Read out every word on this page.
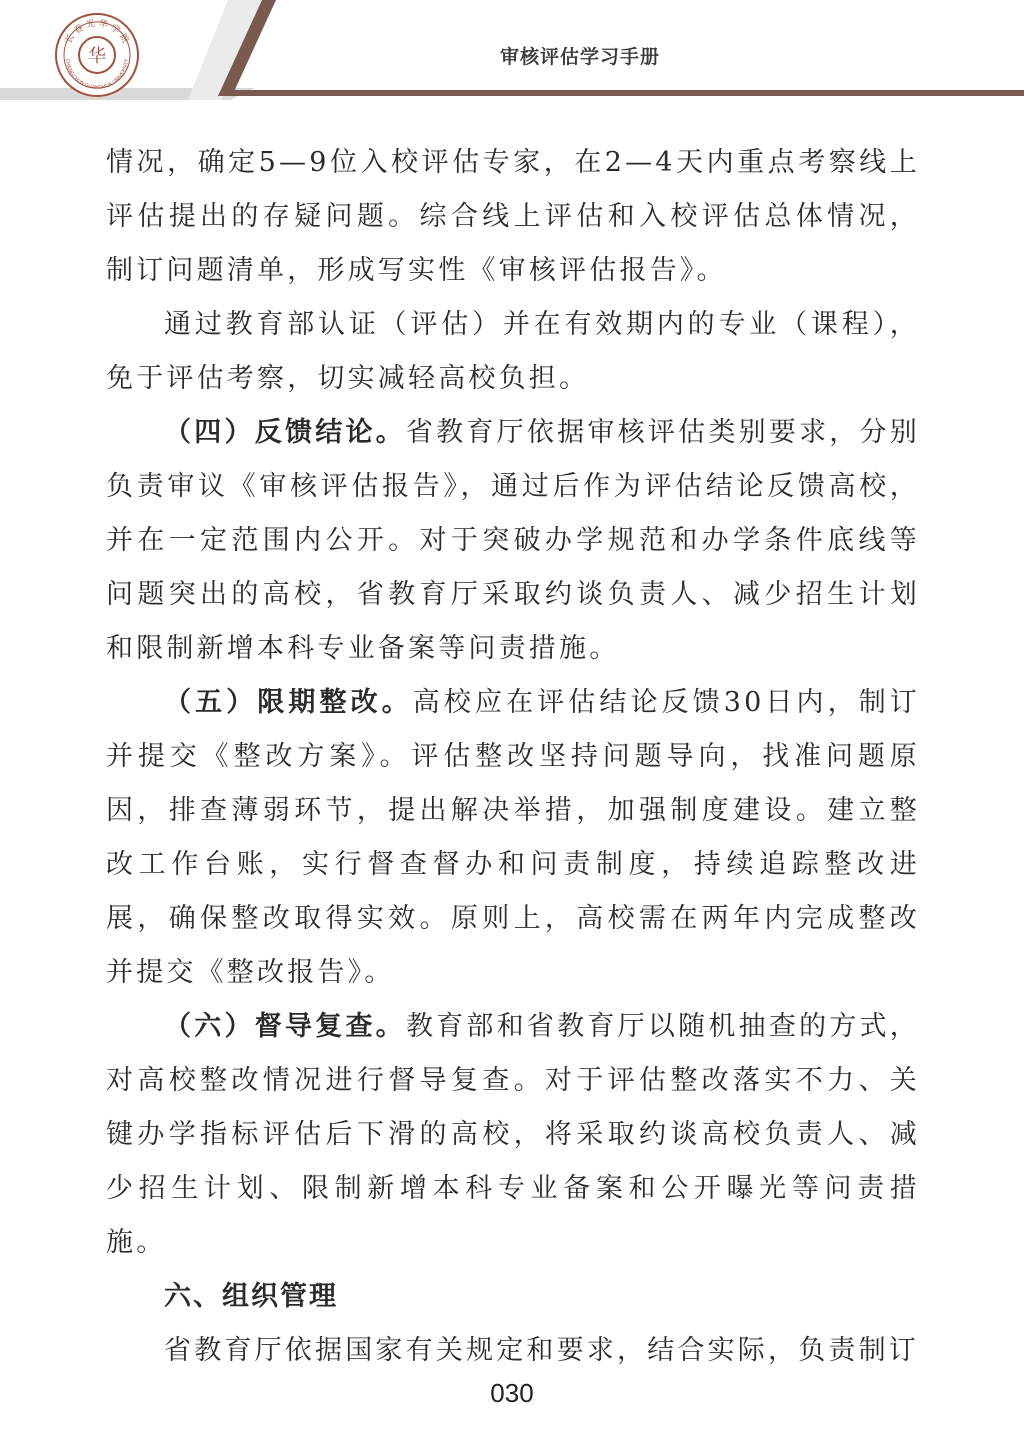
华
长 春 光 华 学 院
CHANGCHUN GUANGHUA UNIVERSITY	审核评估学习手册

情况，确定5—9位入校评估专家，在2—4天内重点考察线上评估提出的存疑问题。综合线上评估和入校评估总体情况，制订问题清单，形成写实性《审核评估报告》。

通过教育部认证（评估）并在有效期内的专业（课程），免于评估考察，切实减轻高校负担。

（四）反馈结论。省教育厅依据审核评估类别要求，分别负责审议《审核评估报告》，通过后作为评估结论反馈高校，并在一定范围内公开。对于突破办学规范和办学条件底线等问题突出的高校，省教育厅采取约谈负责人、减少招生计划和限制新增本科专业备案等问责措施。

（五）限期整改。高校应在评估结论反馈30日内，制订并提交《整改方案》。评估整改坚持问题导向，找准问题原因，排查薄弱环节，提出解决举措，加强制度建设。建立整改工作台账，实行督查督办和问责制度，持续追踪整改进展，确保整改取得实效。原则上，高校需在两年内完成整改并提交《整改报告》。

（六）督导复查。教育部和省教育厅以随机抽查的方式，对高校整改情况进行督导复查。对于评估整改落实不力、关键办学指标评估后下滑的高校，将采取约谈高校负责人、减少招生计划、限制新增本科专业备案和公开曝光等问责措施。

六、组织管理

省教育厅依据国家有关规定和要求，结合实际，负责制订

030
